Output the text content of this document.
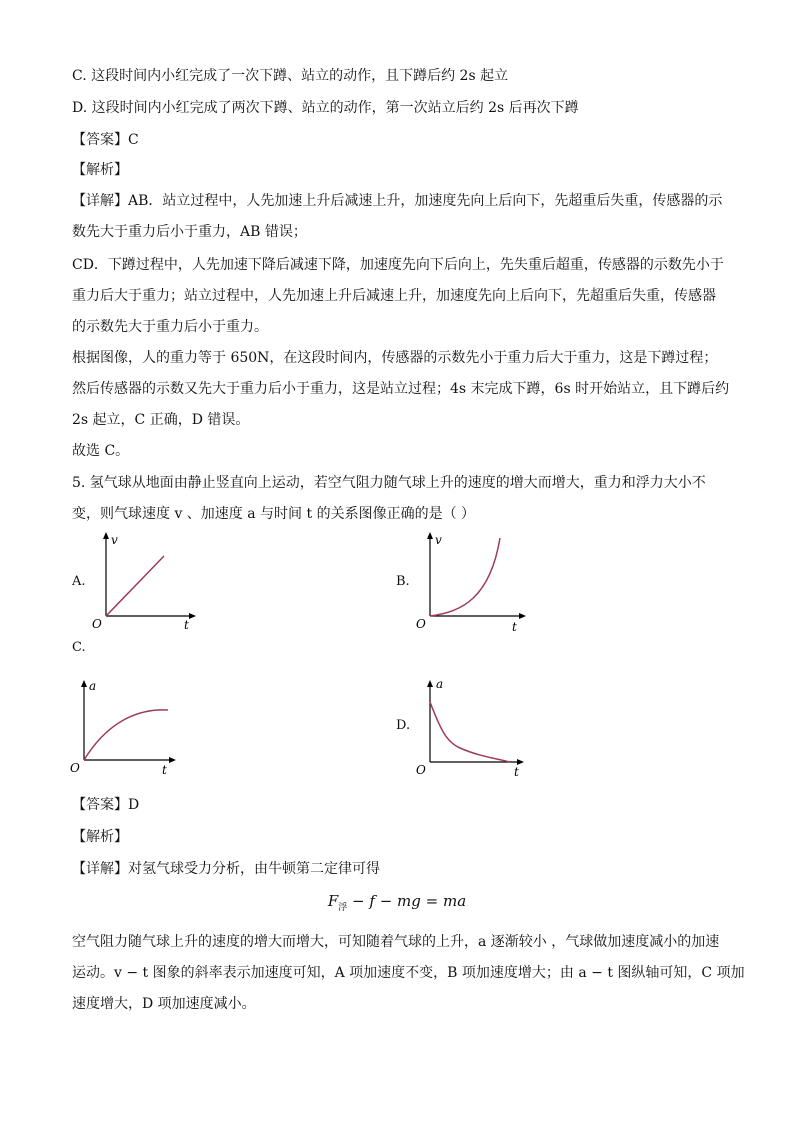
C. 这段时间内小红完成了一次下蹲、站立的动作，且下蹲后约 2s 起立
D. 这段时间内小红完成了两次下蹲、站立的动作，第一次站立后约 2s 后再次下蹲
【答案】C
【解析】
【详解】AB．站立过程中，人先加速上升后减速上升，加速度先向上后向下，先超重后失重，传感器的示
数先大于重力后小于重力，AB 错误；
CD．下蹲过程中，人先加速下降后减速下降，加速度先向下后向上，先失重后超重，传感器的示数先小于
重力后大于重力；站立过程中，人先加速上升后减速上升，加速度先向上后向下，先超重后失重，传感器
的示数先大于重力后小于重力。
根据图像，人的重力等于 650N，在这段时间内，传感器的示数先小于重力后大于重力，这是下蹲过程；
然后传感器的示数又先大于重力后小于重力，这是站立过程；4s 末完成下蹲，6s 时开始站立，且下蹲后约
2s 起立，C 正确，D 错误。
故选 C。
5. 氢气球从地面由静止竖直向上运动，若空气阻力随气球上升的速度的增大而增大，重力和浮力大小不
变，则气球速度 v 、加速度 a 与时间 t 的关系图像正确的是（ ）
A.	B.
C.
D.
v
t
O
v
t
O
a
t
O
a
t
O
【答案】D
【解析】
【详解】对氢气球受力分析，由牛顿第二定律可得
$F_浮 - f$ − mg = ma
空气阻力随气球上升的速度的增大而增大，可知随着气球的上升，a 逐渐较小 ，气球做加速度减小的加速
运动。v − t 图象的斜率表示加速度可知，A 项加速度不变，B 项加速度增大；由 a − t 图纵轴可知，C 项加
速度增大，D 项加速度减小。
